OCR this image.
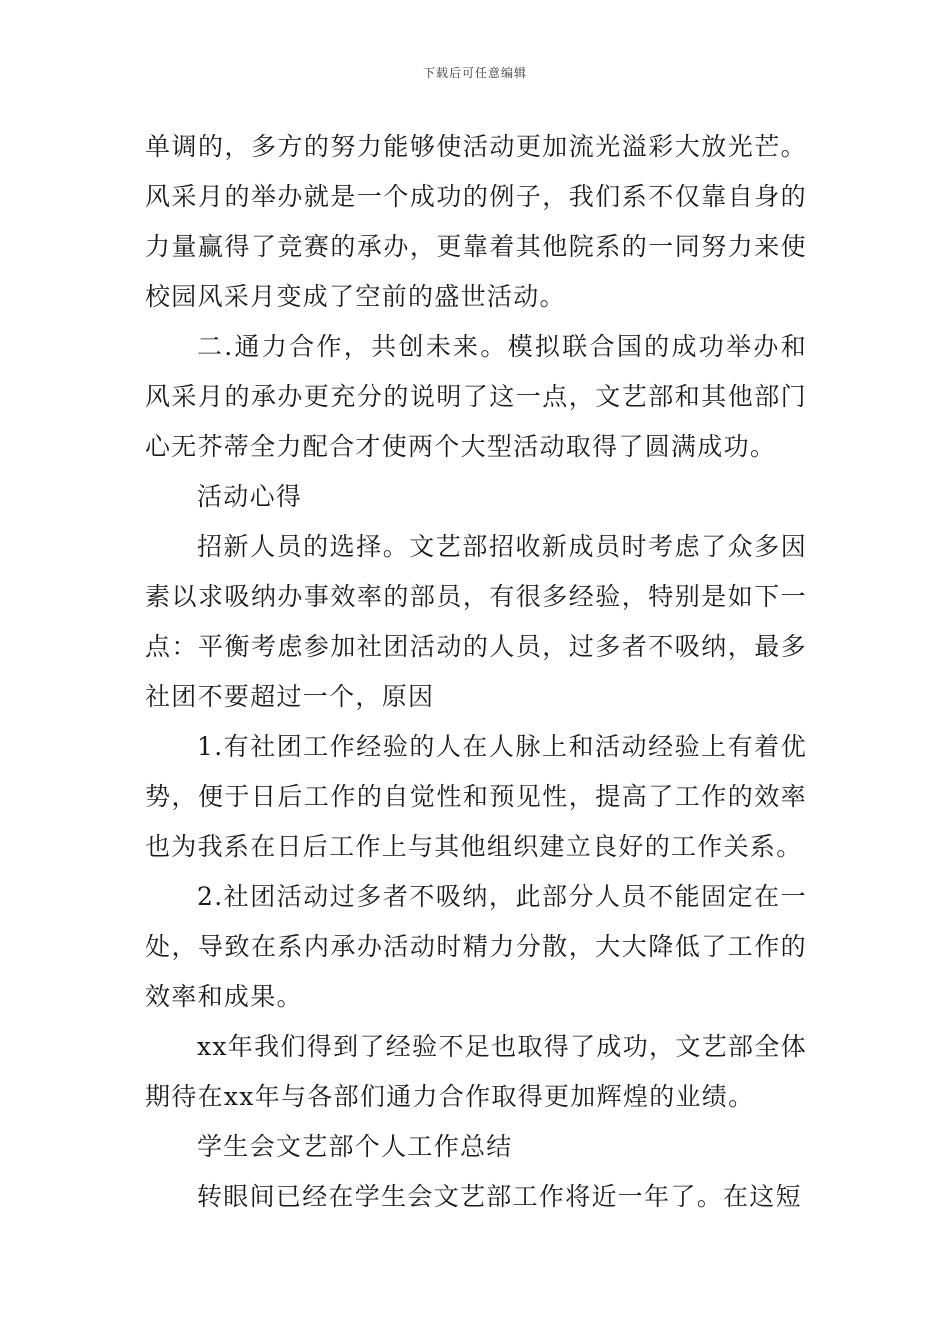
下载后可任意编辑

单调的，多方的努力能够使活动更加流光溢彩大放光芒。风采月的举办就是一个成功的例子，我们系不仅靠自身的力量赢得了竞赛的承办，更靠着其他院系的一同努力来使校园风采月变成了空前的盛世活动。

二.通力合作，共创未来。模拟联合国的成功举办和风采月的承办更充分的说明了这一点，文艺部和其他部门心无芥蒂全力配合才使两个大型活动取得了圆满成功。

活动心得

招新人员的选择。文艺部招收新成员时考虑了众多因素以求吸纳办事效率的部员，有很多经验，特别是如下一点：平衡考虑参加社团活动的人员，过多者不吸纳，最多社团不要超过一个，原因

1.有社团工作经验的人在人脉上和活动经验上有着优势，便于日后工作的自觉性和预见性，提高了工作的效率也为我系在日后工作上与其他组织建立良好的工作关系。

2.社团活动过多者不吸纳，此部分人员不能固定在一处，导致在系内承办活动时精力分散，大大降低了工作的效率和成果。

xx年我们得到了经验不足也取得了成功，文艺部全体期待在xx年与各部们通力合作取得更加辉煌的业绩。

学生会文艺部个人工作总结

转眼间已经在学生会文艺部工作将近一年了。在这短
